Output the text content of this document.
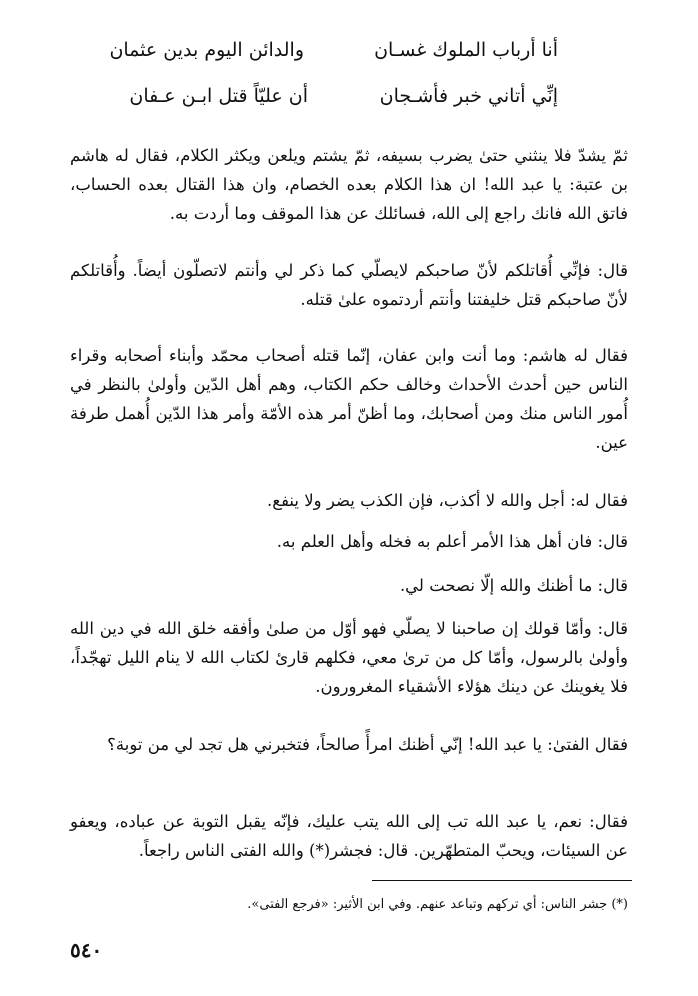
أنا أرباب الملوك غسـان
والدائن اليوم بدين عثمان
إنِّي أتاني خبر فأشـجان
أن عليّاً قتل ابـن عـفان

ثمّ يشدّ فلا ينثني حتىٰ يضرب بسيفه، ثمّ يشتم ويلعن ويكثر الكلام، فقال له هاشم بن عتبة: يا عبد الله! ان هذا الكلام بعده الخصام، وان هذا القتال بعده الحساب، فاتق الله فانك راجع إلى الله، فسائلك عن هذا الموقف وما أردت به.

قال: فإنِّي أُقاتلكم لأنّ صاحبكم لايصلّي كما ذكر لي وأنتم لاتصلّون أيضاً. وأُقاتلكم لأنّ صاحبكم قتل خليفتنا وأنتم أردتموه علىٰ قتله.

فقال له هاشم: وما أنت وابن عفان، إنّما قتله أصحاب محمّد وأبناء أصحابه وقراء الناس حين أحدث الأحداث وخالف حكم الكتاب، وهم أهل الدّين وأولىٰ بالنظر في أُمور الناس منك ومن أصحابك، وما أظنّ أمر هذه الأمّة وأمر هذا الدّين أُهمل طرفة عين.

فقال له: أجل والله لا أكذب، فإن الكذب يضر ولا ينفع.

قال: فان أهل هذا الأمر أعلم به فخله وأهل العلم به.

قال: ما أظنك والله إلّا نصحت لي.

قال: وأمّا قولك إن صاحبنا لا يصلّي فهو أوّل من صلىٰ وأفقه خلق الله في دين الله وأولىٰ بالرسول، وأمّا كل من ترىٰ معي، فكلهم قارئ لكتاب الله لا ينام الليل تهجّداً، فلا يغوينك عن دينك هؤلاء الأشقياء المغرورون.

فقال الفتىٰ: يا عبد الله! إنّي أظنك امرأً صالحاً، فتخبرني هل تجد لي من توبة؟

فقال: نعم، يا عبد الله تب إلى الله يتب عليك، فإنّه يقبل التوبة عن عباده، ويعفو عن السيئات، ويحبّ المتطهّرين. قال: فجشر(*) والله الفتى الناس راجعاً.

(*) جشر الناس: أي تركهم وتباعد عنهم. وفي ابن الأثير: «فرجع الفتى».
٥٤٠
